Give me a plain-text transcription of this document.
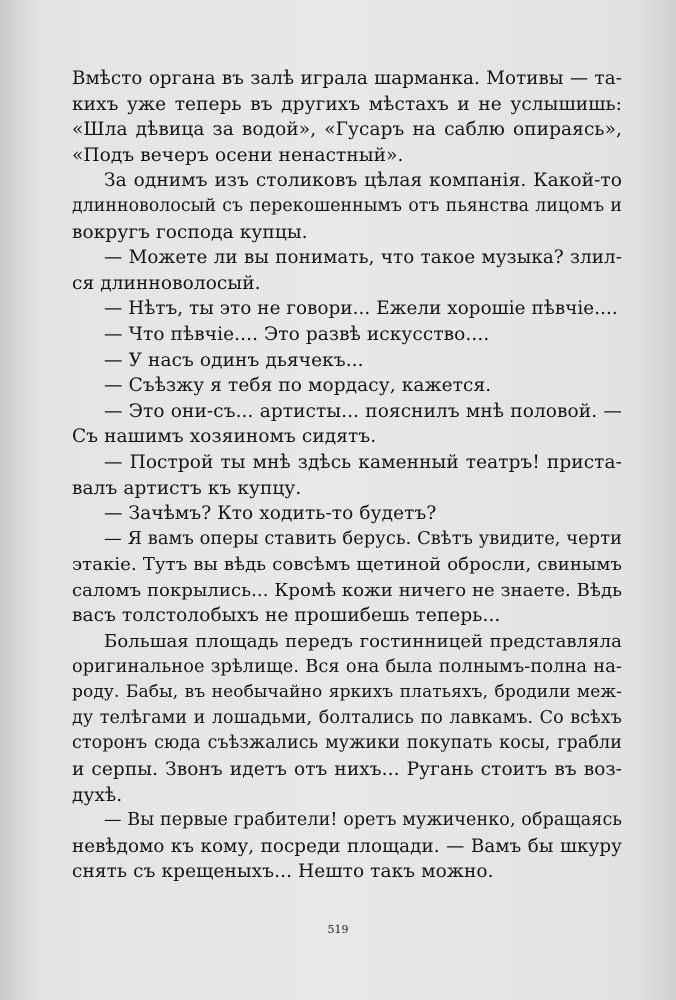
Вмѣсто органа въ залѣ играла шарманка. Мотивы — та-
кихъ уже теперь въ другихъ мѣстахъ и не услышишь:
«Шла дѣвица за водой», «Гусаръ на саблю опираясь»,
«Подъ вечеръ осени ненастный».
За однимъ изъ столиковъ цѣлая компанія. Какой-то
длинноволосый съ перекошеннымъ отъ пьянства лицомъ и
вокругъ господа купцы.
— Можете ли вы понимать, что такое музыка? злил-
ся длинноволосый.
— Нѣтъ, ты это не говори... Ежели хорошіе пѣвчіе....
— Что пѣвчіе.... Это развѣ искусство....
— У насъ одинъ дьячекъ...
— Съѣзжу я тебя по мордасу, кажется.
— Это они-съ... артисты... пояснилъ мнѣ половой. —
Съ нашимъ хозяиномъ сидятъ.
— Построй ты мнѣ здѣсь каменный театръ! приста-
валъ артистъ къ купцу.
— Зачѣмъ? Кто ходить-то будетъ?
— Я вамъ оперы ставить берусь. Свѣтъ увидите, черти
этакіе. Тутъ вы вѣдь совсѣмъ щетиной обросли, свинымъ
саломъ покрылись... Кромѣ кожи ничего не знаете. Вѣдь
васъ толстолобыхъ не прошибешь теперь...
Большая площадь передъ гостинницей представляла
оригинальное зрѣлище. Вся она была полнымъ-полна на-
роду. Бабы, въ необычайно яркихъ платьяхъ, бродили меж-
ду телѣгами и лошадьми, болтались по лавкамъ. Со всѣхъ
сторонъ сюда съѣзжались мужики покупать косы, грабли
и серпы. Звонъ идетъ отъ нихъ... Ругань стоитъ въ воз-
духѣ.
— Вы первые грабители! оретъ мужиченко, обращаясь
невѣдомо къ кому, посреди площади. — Вамъ бы шкуру
снять съ крещеныхъ... Нешто такъ можно.
519
